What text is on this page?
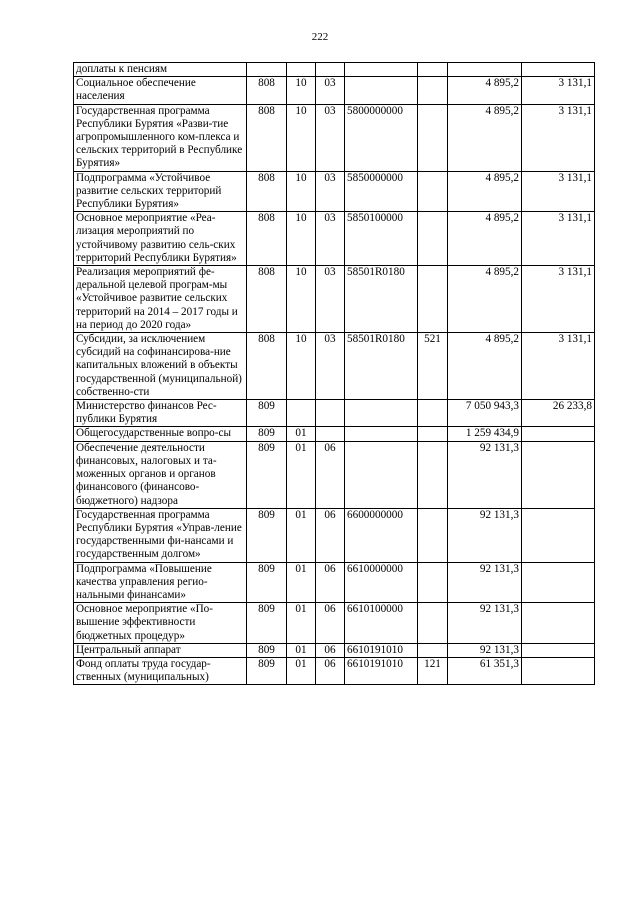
222
доплаты к пенсиям							
Социальное обеспечение населения	808	10	03			4 895,2	3 131,1
Государственная программа Республики Бурятия «Разви-тие агропромышленного ком-плекса и сельских территорий в Республике Бурятия»	808	10	03	5800000000		4 895,2	3 131,1
Подпрограмма «Устойчивое развитие сельских территорий Республики Бурятия»	808	10	03	5850000000		4 895,2	3 131,1
Основное мероприятие «Реа-лизация мероприятий по устойчивому развитию сель-ских территорий Республики Бурятия»	808	10	03	5850100000		4 895,2	3 131,1
Реализация мероприятий фе-деральной целевой програм-мы «Устойчивое развитие сельских территорий на 2014 – 2017 годы и на период до 2020 года»	808	10	03	58501R0180		4 895,2	3 131,1
Субсидии, за исключением субсидий на софинансирова-ние капитальных вложений в объекты государственной (муниципальной) собственно-сти	808	10	03	58501R0180	521	4 895,2	3 131,1
Министерство финансов Рес-публики Бурятия	809					7 050 943,3	26 233,8
Общегосударственные вопро-сы	809	01				1 259 434,9	
Обеспечение деятельности финансовых, налоговых и та-моженных органов и органов финансового (финансово-бюджетного) надзора	809	01	06			92 131,3	
Государственная программа Республики Бурятия «Управ-ление государственными фи-нансами и государственным долгом»	809	01	06	6600000000		92 131,3	
Подпрограмма «Повышение качества управления регио-нальными финансами»	809	01	06	6610000000		92 131,3	
Основное мероприятие «По-вышение эффективности бюджетных процедур»	809	01	06	6610100000		92 131,3	
Центральный аппарат	809	01	06	6610191010		92 131,3	
Фонд оплаты труда государ-ственных (муниципальных)	809	01	06	6610191010	121	61 351,3	
